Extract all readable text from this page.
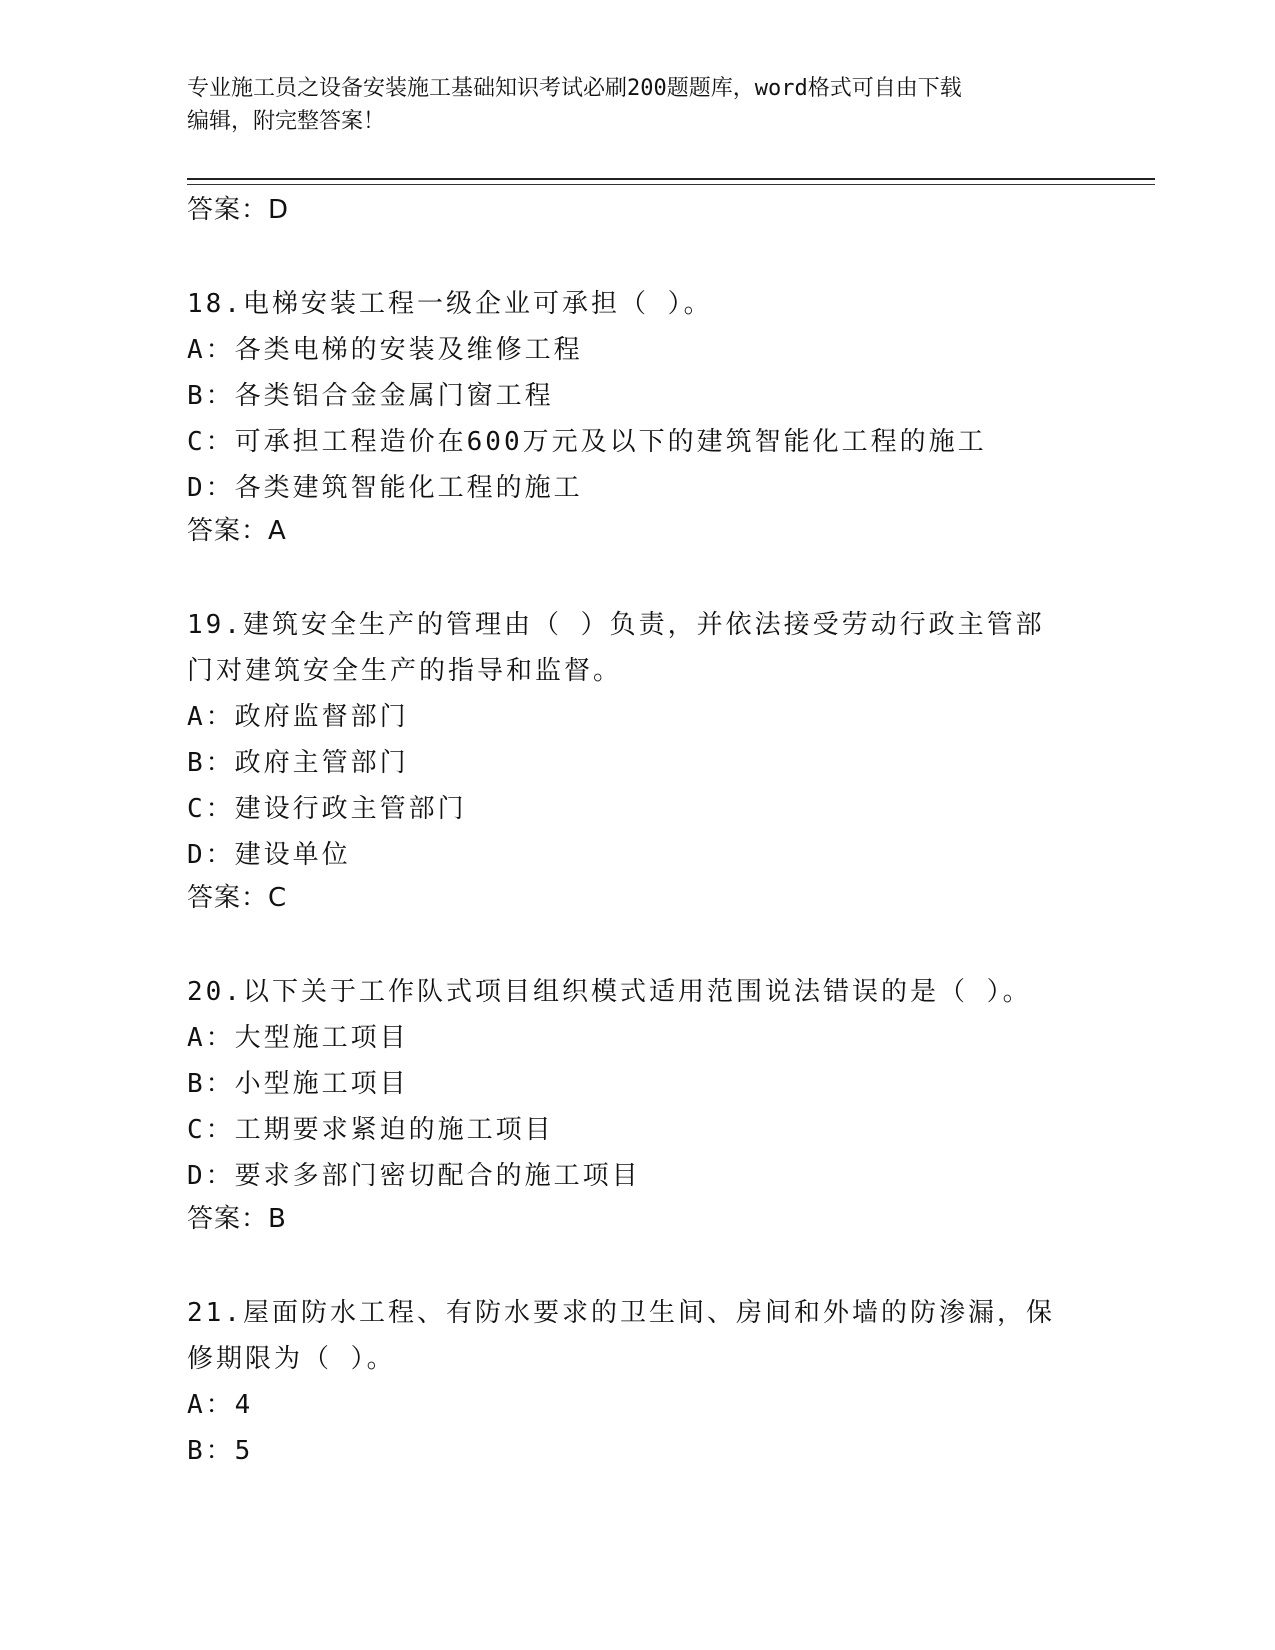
专业施工员之设备安装施工基础知识考试必刷200题题库，word格式可自由下载
编辑，附完整答案！
答案：D
18.电梯安装工程一级企业可承担（ ）。
A：各类电梯的安装及维修工程
B：各类铝合金金属门窗工程
C：可承担工程造价在600万元及以下的建筑智能化工程的施工
D：各类建筑智能化工程的施工
答案：A
19.建筑安全生产的管理由（ ）负责，并依法接受劳动行政主管部门对建筑安全生产的指导和监督。
A：政府监督部门
B：政府主管部门
C：建设行政主管部门
D：建设单位
答案：C
20.以下关于工作队式项目组织模式适用范围说法错误的是（ ）。
A：大型施工项目
B：小型施工项目
C：工期要求紧迫的施工项目
D：要求多部门密切配合的施工项目
答案：B
21.屋面防水工程、有防水要求的卫生间、房间和外墙的防渗漏，保修期限为（ ）。
A：4
B：5
